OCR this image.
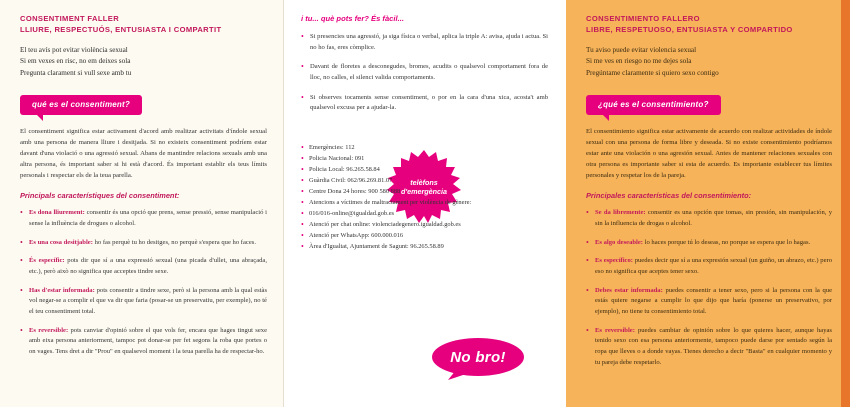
CONSENTIMENT FALLER

LLIURE, RESPECTUÓS, ENTUSIASTA I COMPARTIT

El teu avís pot evitar violència sexual
Si em vexes en risc, no em deixes sola
Pregunta clarament si vull sexe amb tu

qué es el consentiment?

El consentiment significa estar activament d'acord amb realitzar activitats d'índole sexual amb una persona de manera lliure i desitjada. Si no existeix consentiment podríem estar davant d'una violació o una agressió sexual. Abans de mantindre relacions sexuals amb una altra persona, és important saber si hi està d'acord. És important establir els teus límits personals i respectar els de la teua parella.

Principals característiques del consentiment:

• Es dona lliurement: consentir és una opció que prens, sense pressió, sense manipulació i sense la influència de drogues o alcohol.
• Es una cosa desitjable: ho fas perquè tu ho desitges, no perquè s'espera que ho faces.
• És específic: pots dir que sí a una expressió sexual (una picada d'ullet, una abraçada, etc.), però això no significa que acceptes tindre sexe.
• Has d'estar informada: pots consentir a tindre sexe, però si la persona amb la qual estàs vol negar-se a complir el que va dir que faria (posar-se un preservatiu, per exemple), no té el teu consentiment total.
• Es reversible: pots canviar d'opinió sobre el que vols fer, encara que hages tingut sexe amb eixa persona anteriorment, tampoc pot donar-se per fet segons la roba que portes o on vages. Tens dret a dir "Prou" en qualsevol moment i la teua parella ha de respectar-ho.

i tu... què pots fer? És fàcil...

• Si presencies una agressió, ja siga física o verbal, aplica la triple A: avisa, ajuda i actua. Si no ho fas, eres còmplice.
• Davant de floretes a desconegudes, bromes, acudits o qualsevol comportament fora de lloc, no calles, el silenci valida comportaments.
• Si observes tocaments sense consentiment, o por en la cara d'una xica, acosta't amb qualsevol excusa per a ajudar-la.
telèfons
d'emergència
• Emergències: 112
• Policia Nacional: 091
• Policia Local: 96.265.58.84
• Guàrdia Civil: 062/96.269.81.07
• Centre Dona 24 hores: 900 580 888
• Atencions a víctimes de maltractament per violència de gènere:
• 016/016-online@igualdad.gob.es
• Atenció per chat online: violenciadegenero.igualdad.gob.es
• Atenció per WhatsApp: 600.000.016
• Àrea d'Igualtat, Ajuntament de Sagunt: 96.265.58.89

CONSENTIMIENTO FALLERO

LIBRE, RESPETUOSO, ENTUSIASTA Y COMPARTIDO

Tu aviso puede evitar violencia sexual
Si me ves en riesgo no me dejes sola
Pregúntame claramente si quiero sexo contigo

¿qué es el consentimiento?

El consentimiento significa estar activamente de acuerdo con realizar actividades de índole sexual con una persona de forma libre y deseada. Si no existe consentimiento podríamos estar ante una violación o una agresión sexual. Antes de mantener relaciones sexuales con otra persona es importante saber si esta de acuerdo. Es importante establecer tus límites personales y respetar los de la pareja.

Principales características del consentimiento:

• Se da libremente: consentir es una opción que tomas, sin presión, sin manipulación, y sin la influencia de drogas o alcohol.
• Es algo deseable: lo haces porque tú lo deseas, no porque se espera que lo hagas.
• Es específico: puedes decir que sí a una expresión sexual (un guiño, un abrazo, etc.) pero eso no significa que aceptes tener sexo.
• Debes estar informada: puedes consentir a tener sexo, pero si la persona con la que estás quiere negarse a cumplir lo que dijo que haría (ponerse un preservativo, por ejemplo), no tiene tu consentimiento total.
• Es reversible: puedes cambiar de opinión sobre lo que quieres hacer, aunque hayas tenido sexo con esa persona anteriormente, tampoco puede darse por sentado según la ropa que lleves o a donde vayas. Tienes derecho a decir "Basta" en cualquier momento y tu pareja debe respetarlo.
No bro!
